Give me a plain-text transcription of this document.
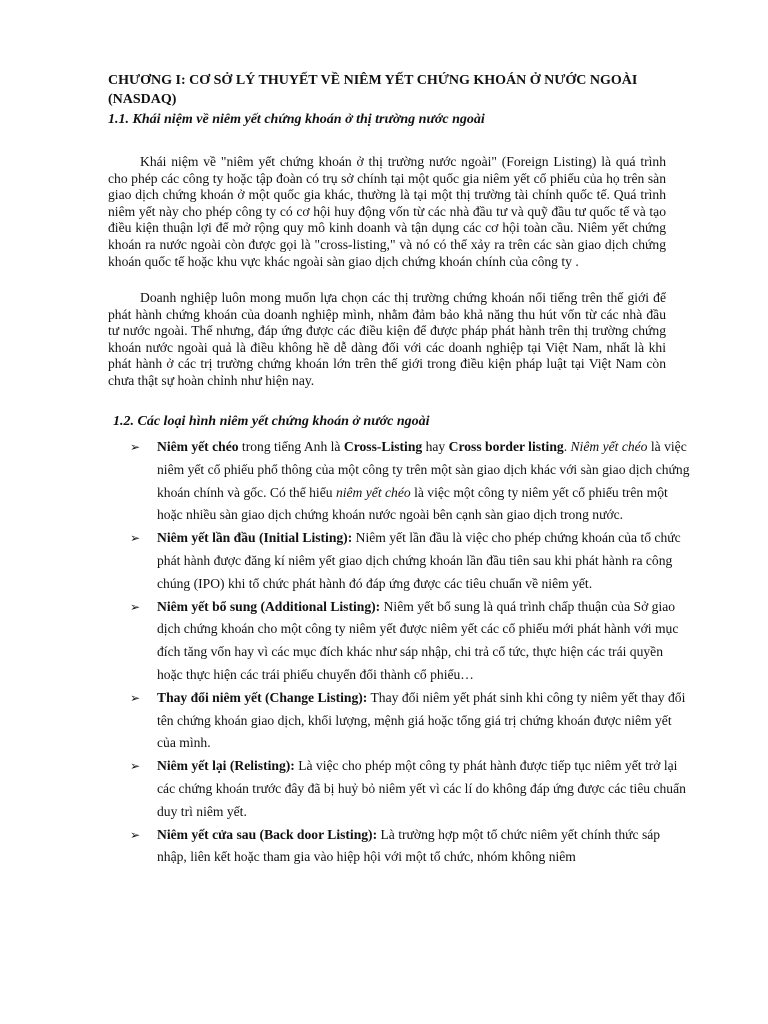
CHƯƠNG I: CƠ SỞ LÝ THUYẾT VỀ NIÊM YẾT CHỨNG KHOÁN Ở NƯỚC NGOÀI (NASDAQ)
1.1. Khái niệm về niêm yết chứng khoán ở thị trường nước ngoài

Khái niệm về "niêm yết chứng khoán ở thị trường nước ngoài" (Foreign Listing) là quá trình cho phép các công ty hoặc tập đoàn có trụ sở chính tại một quốc gia niêm yết cổ phiếu của họ trên sàn giao dịch chứng khoán ở một quốc gia khác, thường là tại một thị trường tài chính quốc tế. Quá trình niêm yết này cho phép công ty có cơ hội huy động vốn từ các nhà đầu tư và quỹ đầu tư quốc tế và tạo điều kiện thuận lợi để mở rộng quy mô kinh doanh và tận dụng các cơ hội toàn cầu. Niêm yết chứng khoán ra nước ngoài còn được gọi là "cross-listing," và nó có thể xảy ra trên các sàn giao dịch chứng khoán quốc tế hoặc khu vực khác ngoài sàn giao dịch chứng khoán chính của công ty .

Doanh nghiệp luôn mong muốn lựa chọn các thị trường chứng khoán nổi tiếng trên thế giới để phát hành chứng khoán của doanh nghiệp mình, nhằm đảm bảo khả năng thu hút vốn từ các nhà đầu tư nước ngoài. Thế nhưng, đáp ứng được các điều kiện để được pháp phát hành trên thị trường chứng khoán nước ngoài quả là điều không hề dễ dàng đối với các doanh nghiệp tại Việt Nam, nhất là khi phát hành ở các trị trường chứng khoán lớn trên thế giới trong điều kiện pháp luật tại Việt Nam còn chưa thật sự hoàn chỉnh như hiện nay.

1.2. Các loại hình niêm yết chứng khoán ở nước ngoài
➢ Niêm yết chéo trong tiếng Anh là Cross-Listing hay Cross border listing. Niêm yết chéo là việc niêm yết cổ phiếu phổ thông của một công ty trên một sàn giao dịch khác với sàn giao dịch chứng khoán chính và gốc. Có thể hiểu niêm yết chéo là việc một công ty niêm yết cổ phiếu trên một hoặc nhiều sàn giao dịch chứng khoán nước ngoài bên cạnh sàn giao dịch trong nước.
➢ Niêm yết lần đầu (Initial Listing): Niêm yết lần đầu là việc cho phép chứng khoán của tổ chức phát hành được đăng kí niêm yết giao dịch chứng khoán lần đầu tiên sau khi phát hành ra công chúng (IPO) khi tổ chức phát hành đó đáp ứng được các tiêu chuẩn về niêm yết.
➢ Niêm yết bổ sung (Additional Listing): Niêm yết bổ sung là quá trình chấp thuận của Sở giao dịch chứng khoán cho một công ty niêm yết được niêm yết các cổ phiếu mới phát hành với mục đích tăng vốn hay vì các mục đích khác như sáp nhập, chi trả cổ tức, thực hiện các trái quyền hoặc thực hiện các trái phiếu chuyển đổi thành cổ phiếu…
➢ Thay đổi niêm yết (Change Listing): Thay đổi niêm yết phát sinh khi công ty niêm yết thay đổi tên chứng khoán giao dịch, khối lượng, mệnh giá hoặc tổng giá trị chứng khoán được niêm yết của mình.
➢ Niêm yết lại (Relisting): Là việc cho phép một công ty phát hành được tiếp tục niêm yết trở lại các chứng khoán trước đây đã bị huỷ bỏ niêm yết vì các lí do không đáp ứng được các tiêu chuẩn duy trì niêm yết.
➢ Niêm yết cửa sau (Back door Listing): Là trường hợp một tổ chức niêm yết chính thức sáp nhập, liên kết hoặc tham gia vào hiệp hội với một tổ chức, nhóm không niêm
